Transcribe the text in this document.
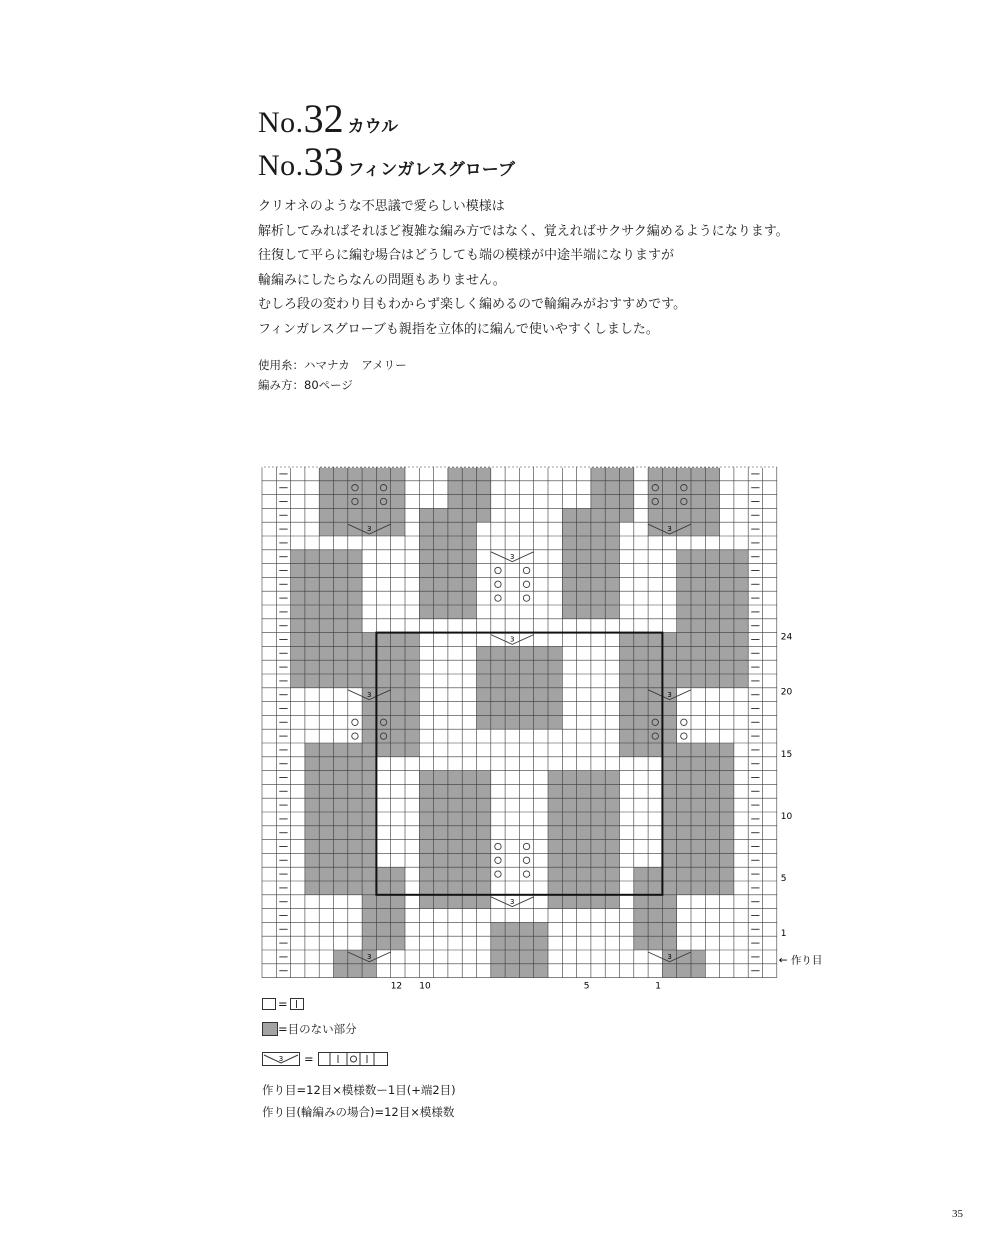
No. 32 カウル
No. 33 フィンガレスグローブ

クリオネのような不思議で愛らしい模様は

解析してみればそれほど複雑な編み方ではなく、覚えればサクサク編めるようになります。

往復して平らに編む場合はどうしても端の模様が中途半端になりますが

輪編みにしたらなんの問題もありません。

むしろ段の変わり目もわからず楽しく編めるので輪編みがおすすめです。

フィンガレスグローブも親指を立体的に編んで使いやすくしました。

使用糸：ハマナカ　アメリー

編み方：80ページ

3	3
3
3	3
3
3
3	3
24
20
15
10
5
1
12 10	5	1
← 作り目
=
=目のない部分
3 =
作り目=12目×模様数ー1目(+端2目)
作り目(輪編みの場合)=12目×模様数
35
